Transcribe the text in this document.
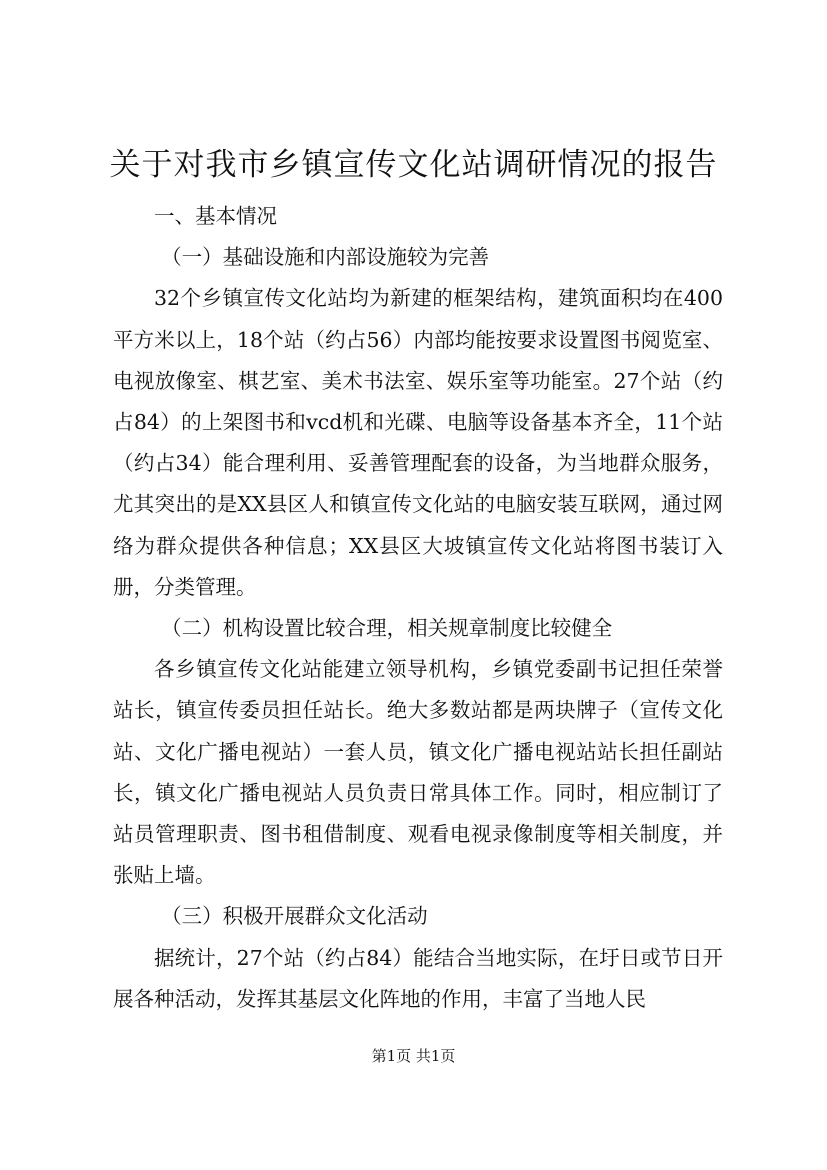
关于对我市乡镇宣传文化站调研情况的报告

一、基本情况

（一）基础设施和内部设施较为完善

32个乡镇宣传文化站均为新建的框架结构，建筑面积均在400平方米以上，18个站（约占56）内部均能按要求设置图书阅览室、电视放像室、棋艺室、美术书法室、娱乐室等功能室。27个站（约占84）的上架图书和vcd机和光碟、电脑等设备基本齐全，11个站（约占34）能合理利用、妥善管理配套的设备，为当地群众服务，尤其突出的是XX县区人和镇宣传文化站的电脑安装互联网，通过网络为群众提供各种信息；XX县区大坡镇宣传文化站将图书装订入册，分类管理。

（二）机构设置比较合理，相关规章制度比较健全

各乡镇宣传文化站能建立领导机构，乡镇党委副书记担任荣誉站长，镇宣传委员担任站长。绝大多数站都是两块牌子（宣传文化站、文化广播电视站）一套人员，镇文化广播电视站站长担任副站长，镇文化广播电视站人员负责日常具体工作。同时，相应制订了站员管理职责、图书租借制度、观看电视录像制度等相关制度，并张贴上墙。

（三）积极开展群众文化活动

据统计，27个站（约占84）能结合当地实际，在圩日或节日开展各种活动，发挥其基层文化阵地的作用，丰富了当地人民

第1页 共1页
